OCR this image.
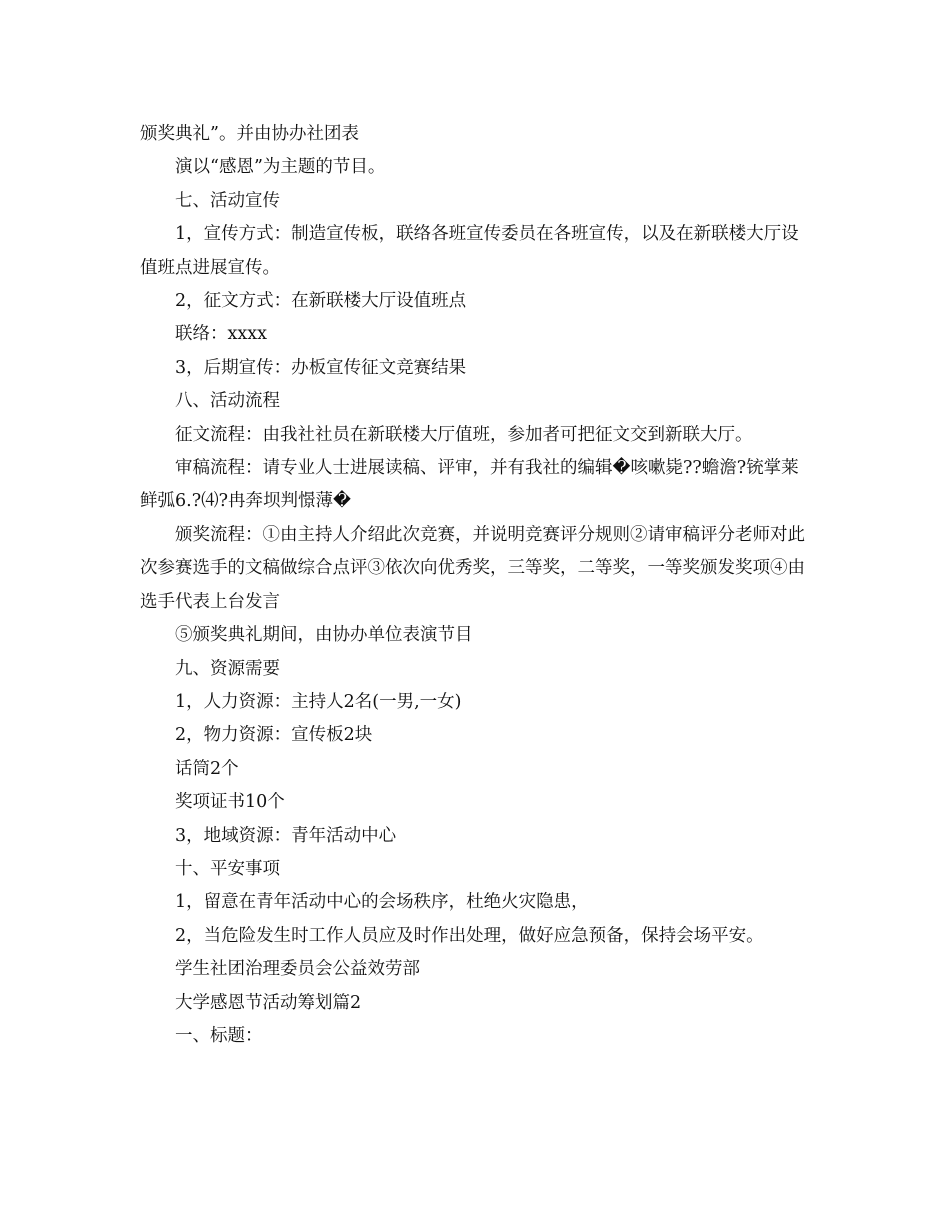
颁奖典礼”。并由协办社团表

演以“感恩”为主题的节目。

七、活动宣传

1，宣传方式：制造宣传板，联络各班宣传委员在各班宣传，以及在新联楼大厅设值班点进展宣传。

2，征文方式：在新联楼大厅设值班点

联络：xxxx

3，后期宣传：办板宣传征文竞赛结果

八、活动流程

征文流程：由我社社员在新联楼大厅值班，参加者可把征文交到新联大厅。

审稿流程：请专业人士进展读稿、评审，并有我社的编辑�咳嗽毙??蟾澹?铳掌莱鲜弧6.?⑷?冉奔坝判憬薄�

颁奖流程：①由主持人介绍此次竞赛，并说明竞赛评分规则②请审稿评分老师对此次参赛选手的文稿做综合点评③依次向优秀奖，三等奖，二等奖，一等奖颁发奖项④由选手代表上台发言

⑤颁奖典礼期间，由协办单位表演节目

九、资源需要

1，人力资源：主持人2名(一男,一女)

2，物力资源：宣传板2块

话筒2个

奖项证书10个

3，地域资源：青年活动中心

十、平安事项

1，留意在青年活动中心的会场秩序，杜绝火灾隐患，

2，当危险发生时工作人员应及时作出处理，做好应急预备，保持会场平安。

学生社团治理委员会公益效劳部

大学感恩节活动筹划篇2

一、标题：
